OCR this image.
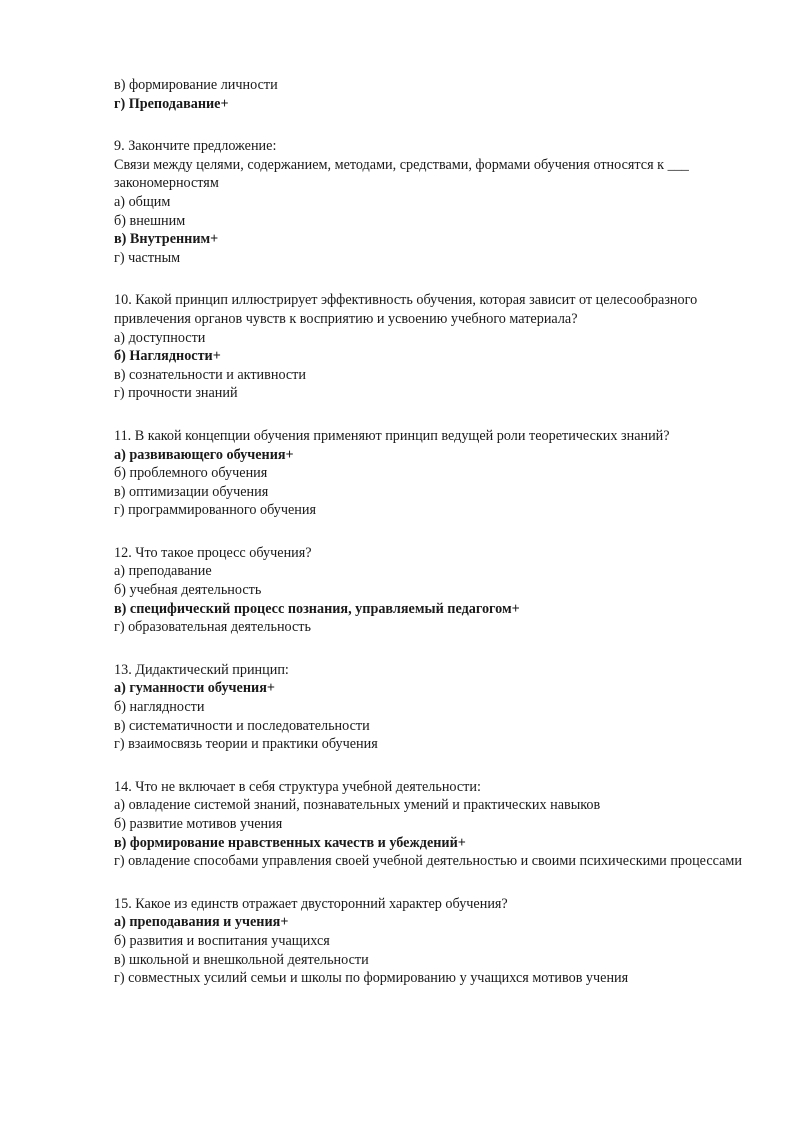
в) формирование личности
г) Преподавание+
9. Закончите предложение:
Связи между целями, содержанием, методами, средствами, формами обучения относятся к ___ закономерностям
а) общим
б) внешним
в) Внутренним+
г) частным
10. Какой принцип иллюстрирует эффективность обучения, которая зависит от целесообразного привлечения органов чувств к восприятию и усвоению учебного материала?
а) доступности
б) Наглядности+
в) сознательности и активности
г) прочности знаний
11. В какой концепции обучения применяют принцип ведущей роли теоретических знаний?
а) развивающего обучения+
б) проблемного обучения
в) оптимизации обучения
г) программированного обучения
12. Что такое процесс обучения?
а) преподавание
б) учебная деятельность
в) специфический процесс познания, управляемый педагогом+
г) образовательная деятельность
13. Дидактический принцип:
а) гуманности обучения+
б) наглядности
в) систематичности и последовательности
г) взаимосвязь теории и практики обучения
14. Что не включает в себя структура учебной деятельности:
а) овладение системой знаний, познавательных умений и практических навыков
б) развитие мотивов учения
в) формирование нравственных качеств и убеждений+
г) овладение способами управления своей учебной деятельностью и своими психическими процессами
15. Какое из единств отражает двусторонний характер обучения?
а) преподавания и учения+
б) развития и воспитания учащихся
в) школьной и внешкольной деятельности
г) совместных усилий семьи и школы по формированию у учащихся мотивов учения
